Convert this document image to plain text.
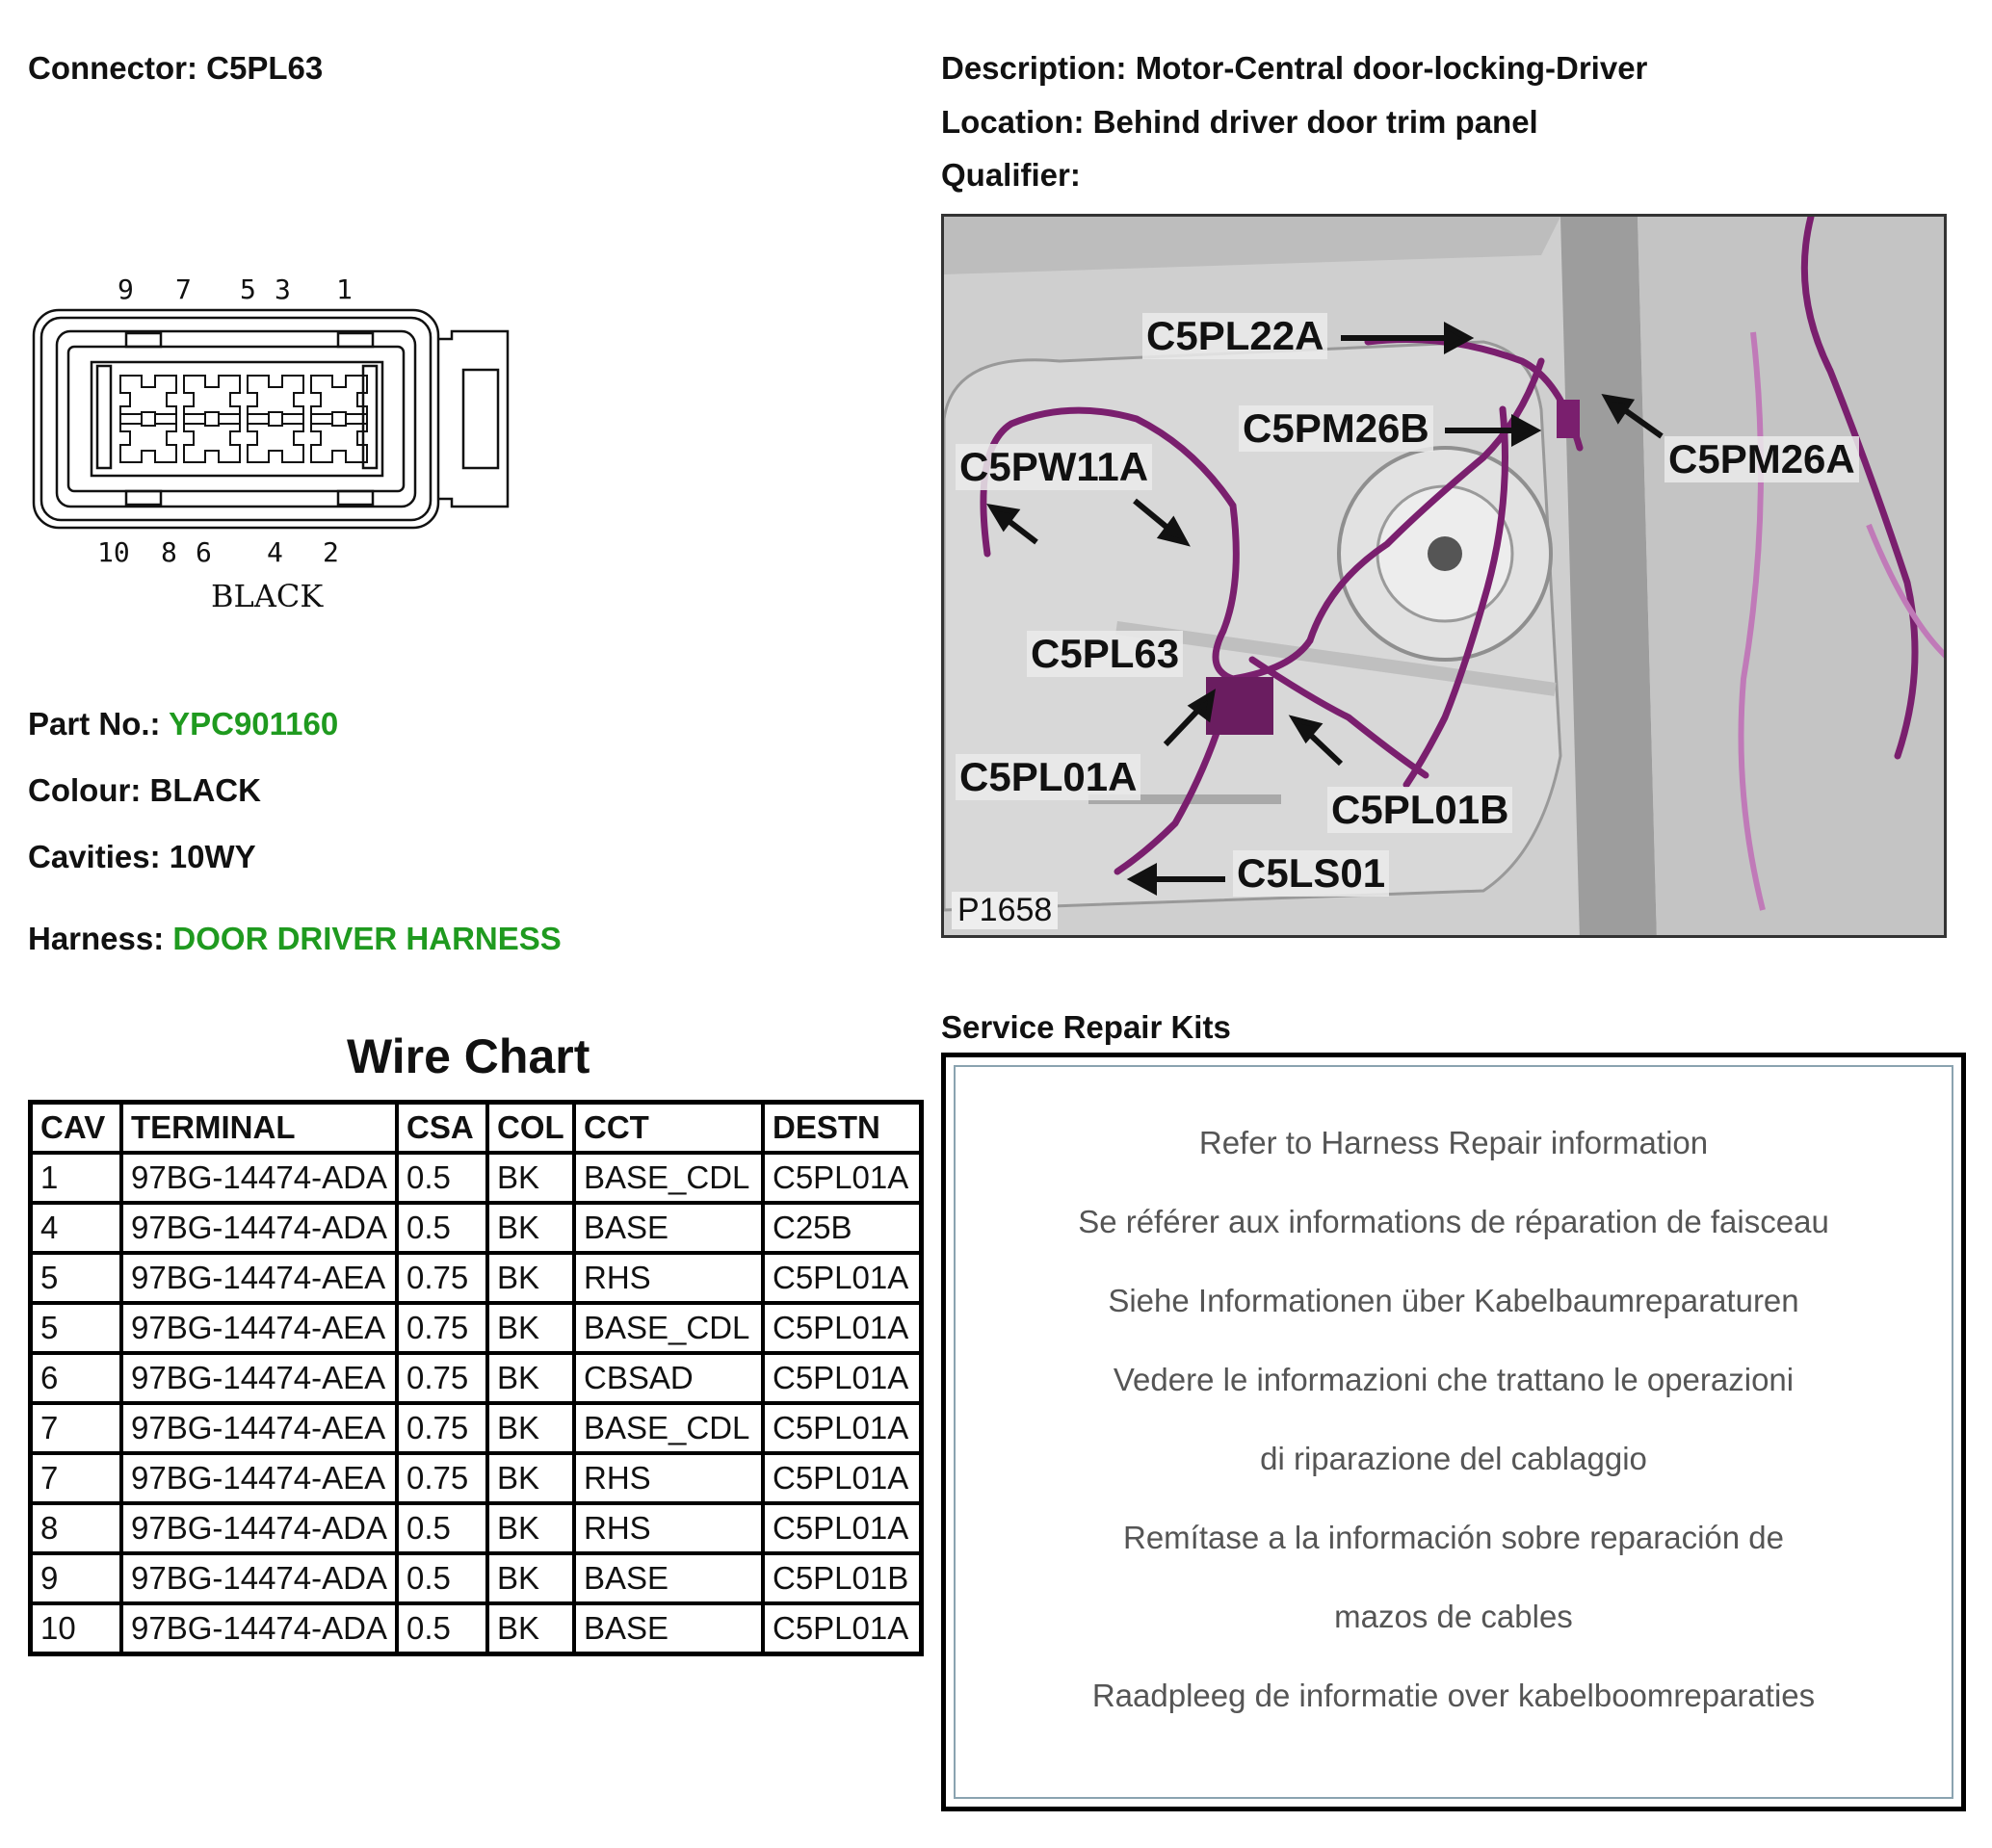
Connector: C5PL63	Description: Motor-Central door-locking-Driver
Location: Behind driver door trim panel
Qualifier:
9 7 5 3 1
10 8 6 4 2
BLACK
Part No.: YPC901160
Colour: BLACK
Cavities: 10WY
Harness: DOOR DRIVER HARNESS
C5PL22A
C5PM26B
C5PM26A
C5PW11A
C5PL63
C5PL01A
C5PL01B
C5LS01
P1658
Wire Chart
CAV	TERMINAL	CSA	COL	CCT	DESTN
1	97BG-14474-ADA	0.5	BK	BASE_CDL	C5PL01A
4	97BG-14474-ADA	0.5	BK	BASE	C25B
5	97BG-14474-AEA	0.75	BK	RHS	C5PL01A
5	97BG-14474-AEA	0.75	BK	BASE_CDL	C5PL01A
6	97BG-14474-AEA	0.75	BK	CBSAD	C5PL01A
7	97BG-14474-AEA	0.75	BK	BASE_CDL	C5PL01A
7	97BG-14474-AEA	0.75	BK	RHS	C5PL01A
8	97BG-14474-ADA	0.5	BK	RHS	C5PL01A
9	97BG-14474-ADA	0.5	BK	BASE	C5PL01B
10	97BG-14474-ADA	0.5	BK	BASE	C5PL01A
Service Repair Kits
Refer to Harness Repair information
Se référer aux informations de réparation de faisceau
Siehe Informationen über Kabelbaumreparaturen
Vedere le informazioni che trattano le operazioni
di riparazione del cablaggio
Remítase a la información sobre reparación de
mazos de cables
Raadpleeg de informatie over kabelboomreparaties
